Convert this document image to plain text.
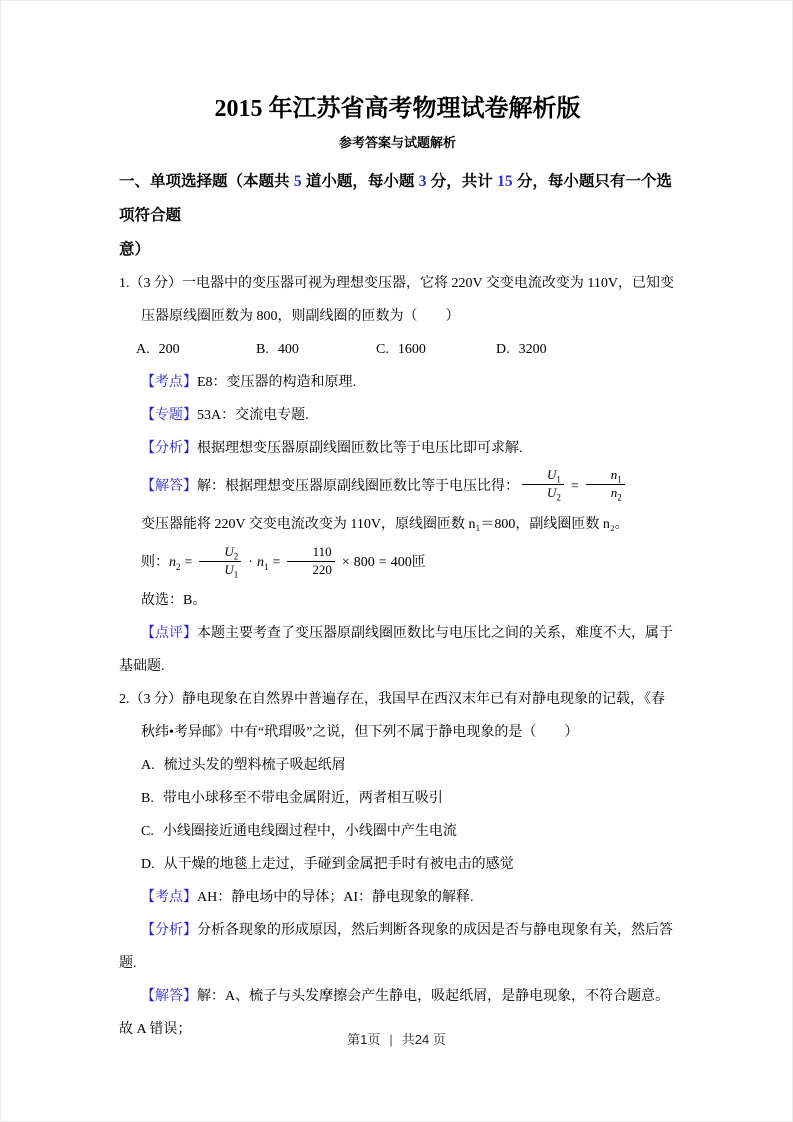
2015 年江苏省高考物理试卷解析版
参考答案与试题解析
一、单项选择题（本题共 5 道小题，每小题 3 分，共计 15 分，每小题只有一个选项符合题
意）

1.（3 分）一电器中的变压器可视为理想变压器，它将 220V 交变电流改变为 110V，已知变
压器原线圈匝数为 800，则副线圈的匝数为（　　）

A. 200	B. 400	C. 1600	D. 3200

【考点】E8：变压器的构造和原理.

【专题】53A：交流电专题.

【分析】根据理想变压器原副线圈匝数比等于电压比即可求解.

【解答】解：根据理想变压器原副线圈匝数比等于电压比得： $\frac{U_1}{U_2} = \frac{n_1}{n_2}$

变压器能将 220V 交变电流改变为 110V，原线圈匝数 n₁＝800，副线圈匝数 n₂。

则：$n_2 = \frac{U_2}{U_1} \cdot n_1 = \frac{110}{220} \times 800 = 400$匝

故选：B。

【点评】本题主要考查了变压器原副线圈匝数比与电压比之间的关系，难度不大，属于
基础题.

2.（3 分）静电现象在自然界中普遍存在，我国早在西汉末年已有对静电现象的记载，《春
秋纬•考异邮》中有“玳瑁吸”之说，但下列不属于静电现象的是（　　）

A. 梳过头发的塑料梳子吸起纸屑
B. 带电小球移至不带电金属附近，两者相互吸引
C. 小线圈接近通电线圈过程中，小线圈中产生电流
D. 从干燥的地毯上走过，手碰到金属把手时有被电击的感觉

【考点】AH：静电场中的导体；AI：静电现象的解释.

【分析】分析各现象的形成原因，然后判断各现象的成因是否与静电现象有关，然后答
题.

【解答】解：A、梳子与头发摩擦会产生静电，吸起纸屑，是静电现象，不符合题意。
故 A 错误；

第1页 | 共24 页
